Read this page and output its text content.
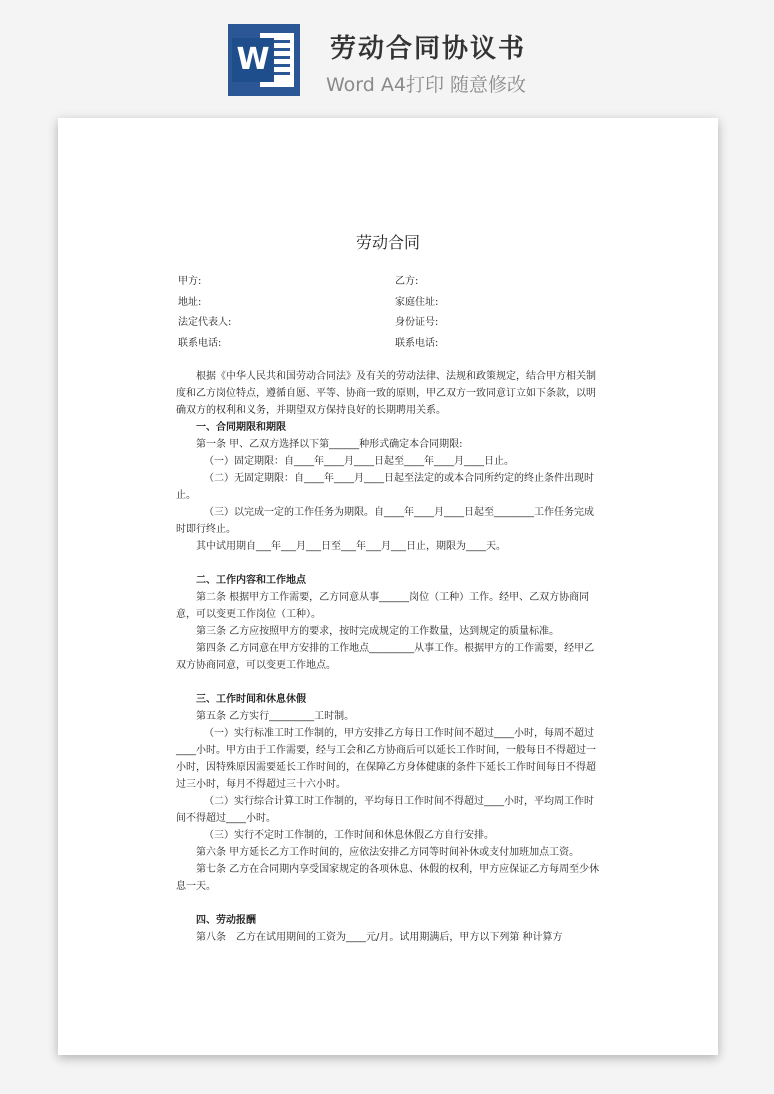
W 劳动合同协议书
Word A4打印 随意修改
劳动合同
甲方:	乙方:
地址:	家庭住址:
法定代表人:	身份证号:
联系电话:	联系电话:

根据《中华人民共和国劳动合同法》及有关的劳动法律、法规和政策规定，结合甲方相关制度和乙方岗位特点，遵循自愿、平等、协商一致的原则，甲乙双方一致同意订立如下条款，以明确双方的权利和义务，并期望双方保持良好的长期聘用关系。

一、合同期限和期限

第一条 甲、乙双方选择以下第______种形式确定本合同期限:

（一）固定期限：自____年____月____日起至____年____月____日止。

（二）无固定期限：自____年____月____日起至法定的或本合同所约定的终止条件出现时止。

（三）以完成一定的工作任务为期限。自____年____月____日起至________工作任务完成时即行终止。

其中试用期自___年___月___日至___年___月___日止，期限为____天。

二、工作内容和工作地点

第二条 根据甲方工作需要，乙方同意从事______岗位（工种）工作。经甲、乙双方协商同意，可以变更工作岗位（工种）。

第三条 乙方应按照甲方的要求，按时完成规定的工作数量，达到规定的质量标准。

第四条 乙方同意在甲方安排的工作地点_________从事工作。根据甲方的工作需要，经甲乙双方协商同意，可以变更工作地点。

三、工作时间和休息休假

第五条 乙方实行_________工时制。

（一）实行标准工时工作制的，甲方安排乙方每日工作时间不超过____小时，每周不超过____小时。甲方由于工作需要，经与工会和乙方协商后可以延长工作时间，一般每日不得超过一小时，因特殊原因需要延长工作时间的，在保障乙方身体健康的条件下延长工作时间每日不得超过三小时，每月不得超过三十六小时。

（二）实行综合计算工时工作制的，平均每日工作时间不得超过____小时，平均周工作时间不得超过____小时。

（三）实行不定时工作制的，工作时间和休息休假乙方自行安排。

第六条 甲方延长乙方工作时间的，应依法安排乙方同等时间补休或支付加班加点工资。

第七条 乙方在合同期内享受国家规定的各项休息、休假的权利，甲方应保证乙方每周至少休息一天。

四、劳动报酬

第八条　乙方在试用期间的工资为____元/月。试用期满后，甲方以下列第 种计算方
